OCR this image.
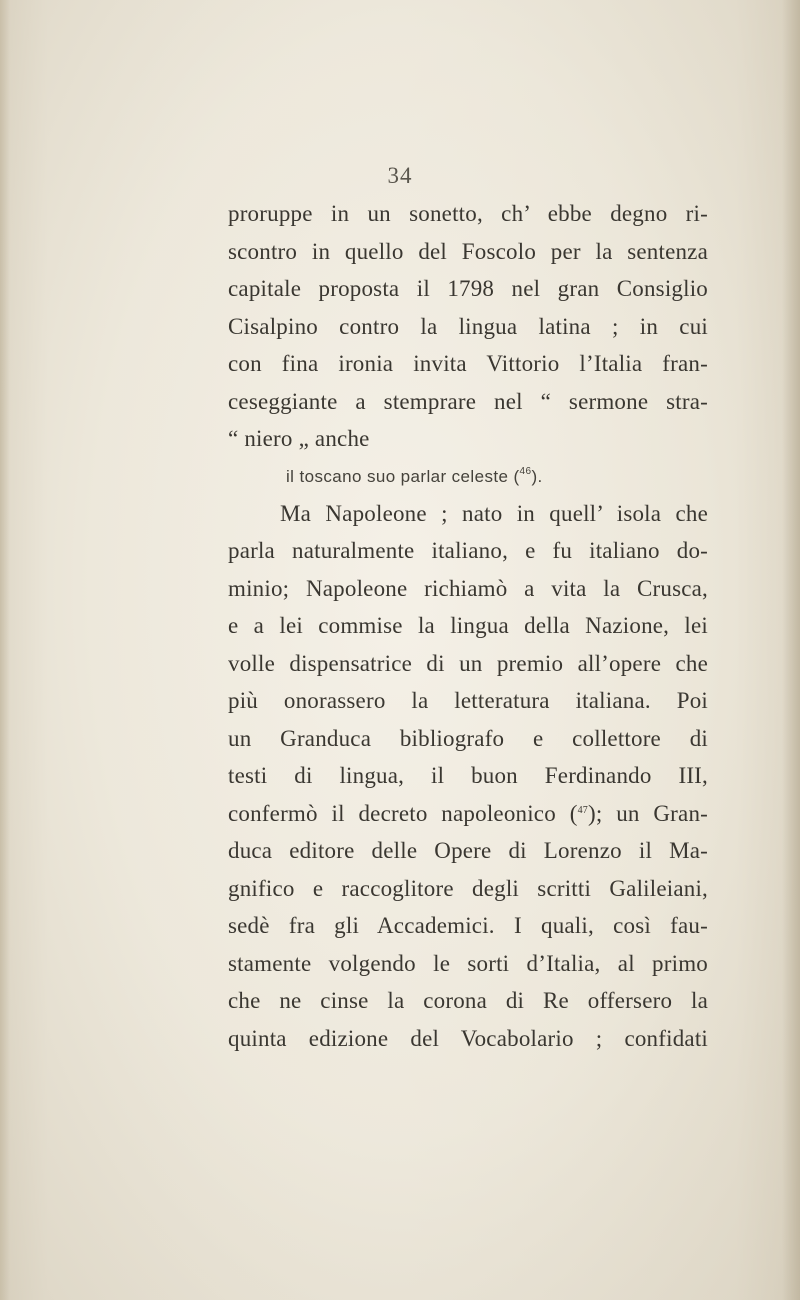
34
proruppe in un sonetto, ch’ ebbe degno ri-
scontro in quello del Foscolo per la sentenza
capitale proposta il 1798 nel gran Consiglio
Cisalpino contro la lingua latina ; in cui
con fina ironia invita Vittorio l’Italia fran-
ceseggiante a stemprare nel “ sermone stra-
“ niero „ anche
il toscano suo parlar celeste ($^{46}$).
Ma Napoleone ; nato in quell’ isola che
parla naturalmente italiano, e fu italiano do-
minio; Napoleone richiamò a vita la Crusca,
e a lei commise la lingua della Nazione, lei
volle dispensatrice di un premio all’opere che
più onorassero la letteratura italiana. Poi
un Granduca bibliografo e collettore di
testi di lingua, il buon Ferdinando III,
confermò il decreto napoleonico ($^{47}$); un Gran-
duca editore delle Opere di Lorenzo il Ma-
gnifico e raccoglitore degli scritti Galileiani,
sedè fra gli Accademici. I quali, così fau-
stamente volgendo le sorti d’Italia, al primo
che ne cinse la corona di Re offersero la
quinta edizione del Vocabolario ; confidati
